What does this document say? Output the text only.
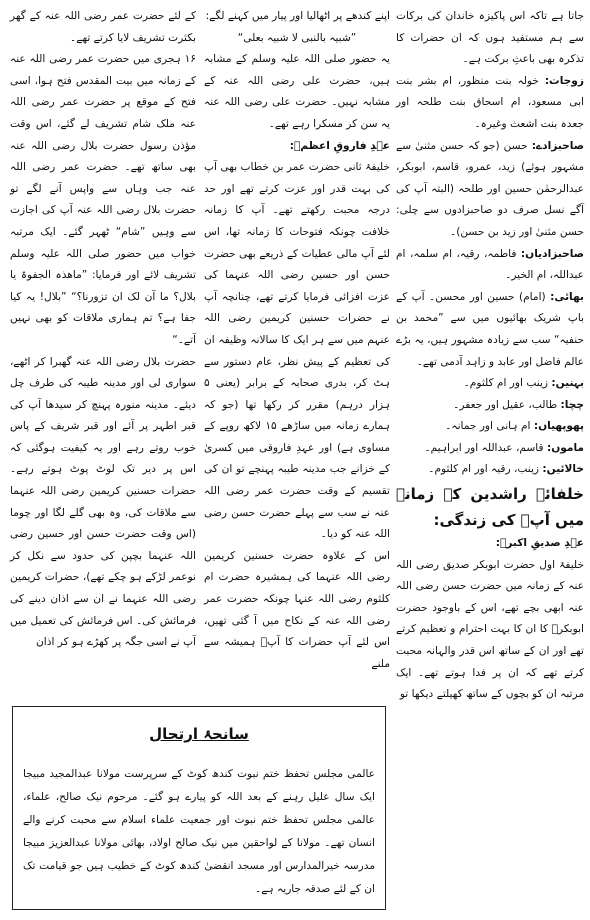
جاتا ہے تاکہ اس پاکیزہ خاندان کی برکات سے ہم مستفید ہوں کہ ان حضرات کا تذکرہ بھی باعثِ برکت ہے۔

زوجات: خولہ بنت منظور، ام بشر بنت ابی مسعود، ام اسحاق بنت طلحہ اور جعدہ بنت اشعث وغیرہ۔

صاحبزادے: حسن (جو کہ حسن مثنیٰ سے مشہور ہوئے) زید، عمرو، قاسم، ابوبکر، عبدالرحمٰن حسین اور طلحہ (البتہ آپ کی آگے نسل صرف دو صاحبزادوں سے چلی: حسن مثنیٰ اور زید بن حسن)۔

صاحبزادیاں: فاطمہ، رقیہ، ام سلمہ، ام عبداللہ، ام الخیر۔

بھائی: (امام) حسین اور محسن۔ آپ کے باپ شریک بھائیوں میں سے ”محمد بن حنفیہ“ سب سے زیادہ مشہور ہیں، یہ بڑے عالم فاضل اور عابد و زاہد آدمی تھے۔

بہنیں: زینب اور ام کلثوم۔

چچا: طالب، عقیل اور جعفر۔

پھوپھیاں: ام ہانی اور جمانہ۔

ماموں: قاسم، عبداللہ اور ابراہیم۔

خالائیں: زینب، رقیہ اور ام کلثوم۔

خلفائے راشدین کے زمانہ میں آپؓ کی زندگی:

عہدِ صدیقِ اکبرؓ:

خلیفۂ اول حضرت ابوبکر صدیق رضی اللہ عنہ کے زمانہ میں حضرت حسن رضی اللہ عنہ ابھی بچے تھے، اس کے باوجود حضرت ابوبکرؓ کا ان کا بہت احترام و تعظیم کرتے تھے اور ان کے ساتھ اس قدر والہانہ محبت کرتے تھے کہ ان پر فدا ہوتے تھے۔ ایک مرتبہ ان کو بچوں کے ساتھ کھیلتے دیکھا تو

اپنے کندھے پر اٹھالیا اور پیار میں کہنے لگے:

”شبیہ بالنبی لا شبیہ بعلی“

یہ حضور صلی اللہ علیہ وسلم کے مشابہ ہیں، حضرت علی رضی اللہ عنہ کے مشابہ نہیں۔ حضرت علی رضی اللہ عنہ یہ سن کر مسکرا رہے تھے۔

عہدِ فاروقِ اعظمؓ:

خلیفۂ ثانی حضرت عمر بن خطاب بھی آپ کی بہت قدر اور عزت کرتے تھے اور حد درجہ محبت رکھتے تھے۔ آپ کا زمانہ خلافت چونکہ فتوحات کا زمانہ تھا، اس لئے آپ مالی عطیات کے ذریعے بھی حضرت حسن اور حسین رضی اللہ عنہما کی عزت افزائی فرمایا کرتے تھے، چنانچہ آپ نے حضرات حسنین کریمین رضی اللہ عنہم میں سے ہر ایک کا سالانہ وظیفہ ان کی تعظیم کے پیش نظر، عام دستور سے ہٹ کر، بدری صحابہ کے برابر (یعنی ۵ ہزار درہم) مقرر کر رکھا تھا (جو کہ ہمارے زمانہ میں ساڑھے ۱۵ لاکھ روپے کے مساوی ہے) اور عہدِ فاروقی میں کسریٰ کے خزانے جب مدینہ طیبہ پہنچے تو ان کی تقسیم کے وقت حضرت عمر رضی اللہ عنہ نے سب سے پہلے حضرت حسن رضی اللہ عنہ کو دیا۔

اس کے علاوہ حضرت حسنین کریمین رضی اللہ عنہما کی ہمشیرہ حضرت ام کلثوم رضی اللہ عنہا چونکہ حضرت عمر رضی اللہ عنہ کے نکاح میں آ گئی تھیں، اس لئے آپ حضرات کا آپؓ ہمیشہ سے ملنے

کے لئے حضرت عمر رضی اللہ عنہ کے گھر بکثرت تشریف لایا کرتے تھے۔

۱۶ ہجری میں حضرت عمر رضی اللہ عنہ کے زمانہ میں بیت المقدس فتح ہوا، اسی فتح کے موقع پر حضرت عمر رضی اللہ عنہ ملک شام تشریف لے گئے، اس وقت مؤذن رسول حضرت بلال رضی اللہ عنہ بھی ساتھ تھے۔ حضرت عمر رضی اللہ عنہ جب وہاں سے واپس آنے لگے تو حضرت بلال رضی اللہ عنہ آپ کی اجازت سے وہیں ”شام“ ٹھہر گئے۔ ایک مرتبہ خواب میں حضور صلی اللہ علیہ وسلم تشریف لائے اور فرمایا: ”ماھذہ الجفوۃ یا بلال؟ ما آن لک ان تزورنا؟“ ”بلال! یہ کیا جفا ہے؟ تم ہماری ملاقات کو بھی نہیں آتے۔“

حضرت بلال رضی اللہ عنہ گھبرا کر اٹھے، سواری لی اور مدینہ طیبہ کی طرف چل دیئے۔ مدینہ منورہ پہنچ کر سیدھا آپ کی قبر اطہر پر آئے اور قبر شریف کے پاس خوب روتے رہے اور یہ کیفیت ہوگئی کہ اس پر دیر تک لوٹ پوٹ ہوتے رہے۔ حضرات حسنین کریمین رضی اللہ عنہما سے ملاقات کی، وہ بھی گلے لگا اور چوما (اس وقت حضرت حسن اور حسین رضی اللہ عنہما بچپن کی حدود سے نکل کر نوعمر لڑکے ہو چکے تھے)، حضرات کریمین رضی اللہ عنہما نے ان سے اذان دینے کی فرمائش کی۔ اس فرمائش کی تعمیل میں آپ نے اسی جگہ پر کھڑے ہو کر اذان

سانحۂ ارتحال
عالمی مجلس تحفظ ختم نبوت کندھ کوٹ کے سرپرست مولانا عبدالمجید مبیجا ایک سال علیل رہنے کے بعد اللہ کو پیارے ہو گئے۔ مرحوم نیک صالح، علماء، عالمی مجلس تحفظ ختم نبوت اور جمعیت علماء اسلام سے محبت کرنے والے انسان تھے۔ مولانا کے لواحقین میں نیک صالح اولاد، بھائی مولانا عبدالعزیز مبیجا مدرسہ خیرالمدارس اور مسجد انقضیٰ کندھ کوٹ کے خطیب ہیں جو قیامت تک ان کے لئے صدقہ جاریہ ہے۔
